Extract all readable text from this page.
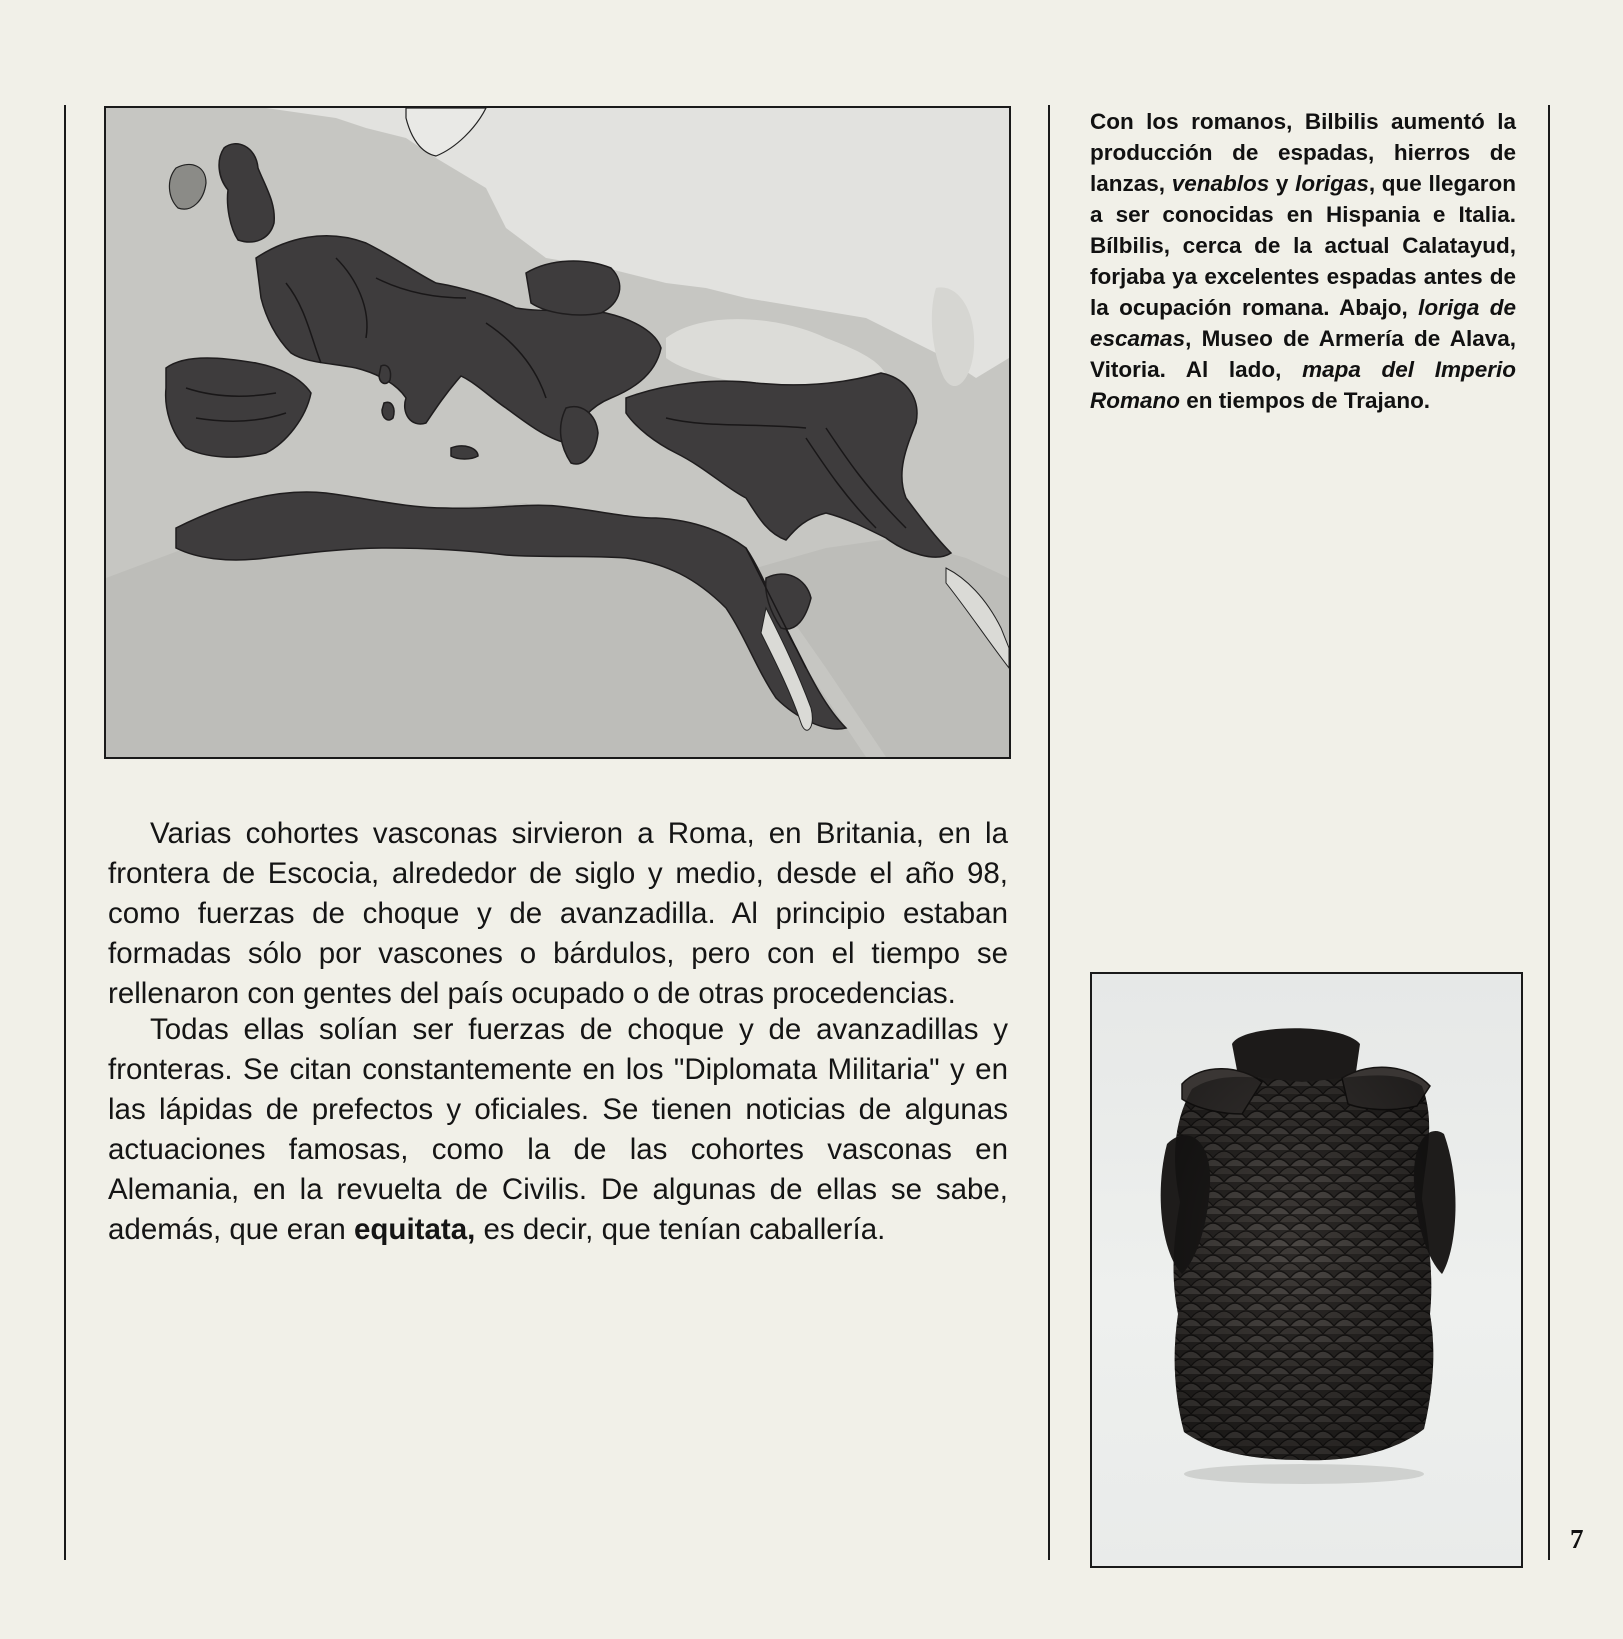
Varias cohortes vasconas sirvieron a Roma, en Britania, en la frontera de Escocia, alrededor de siglo y medio, desde el año 98, como fuerzas de choque y de avanzadilla. Al principio estaban formadas sólo por vascones o bárdulos, pero con el tiempo se rellenaron con gentes del país ocupado o de otras procedencias.

Todas ellas solían ser fuerzas de choque y de avanzadillas y fronteras. Se citan constantemente en los "Diplomata Militaria" y en las lápidas de prefectos y oficiales. Se tienen noticias de algunas actuaciones famosas, como la de las cohortes vasconas en Alemania, en la revuelta de Civilis. De algunas de ellas se sabe, además, que eran equitata, es decir, que tenían caballería.

Con los romanos, Bilbilis aumentó la producción de espadas, hierros de lanzas, venablos y lorigas, que llegaron a ser conocidas en Hispania e Italia. Bílbilis, cerca de la actual Calatayud, forjaba ya excelentes espadas antes de la ocupación romana. Abajo, loriga de escamas, Museo de Armería de Alava, Vitoria. Al lado, mapa del Imperio Romano en tiempos de Trajano.
7
